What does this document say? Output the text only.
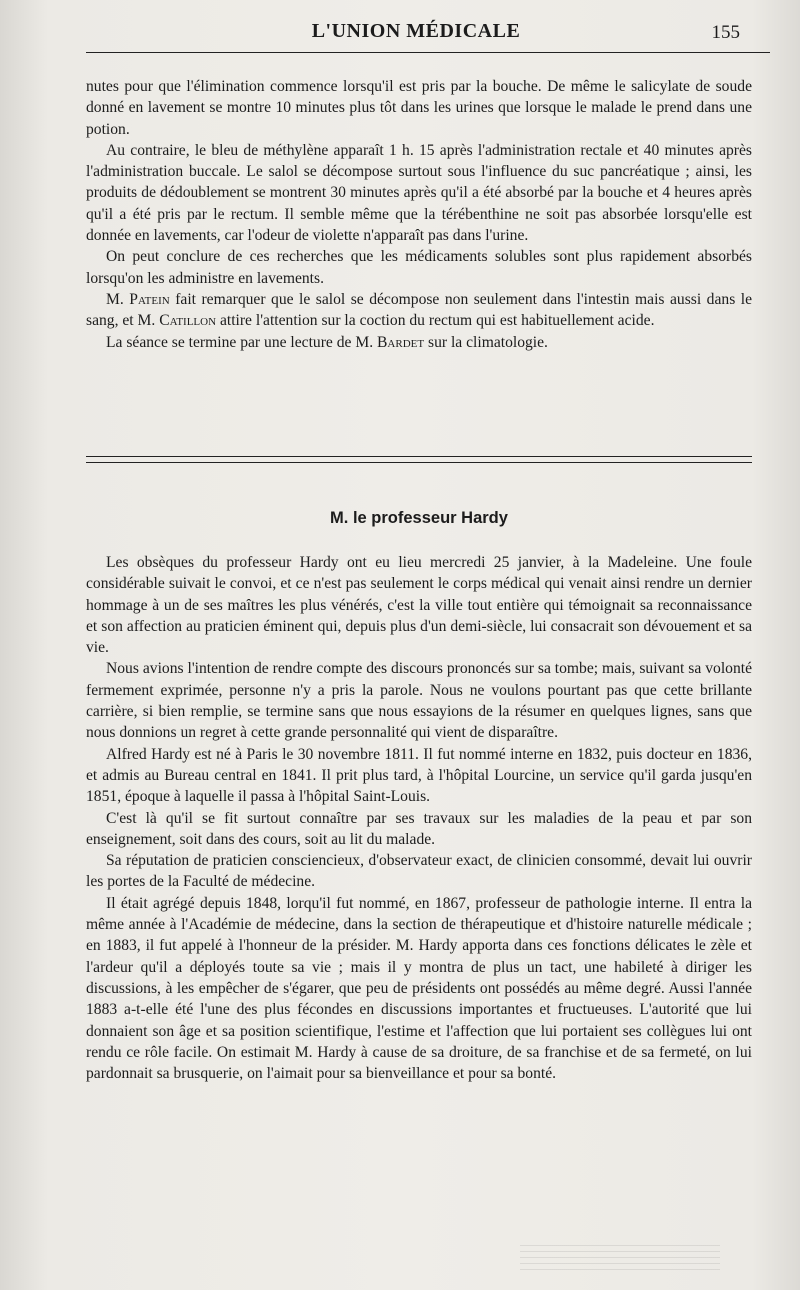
L'UNION MÉDICALE	155

nutes pour que l'élimination commence lorsqu'il est pris par la bouche. De même le salicylate de soude donné en lavement se montre 10 minutes plus tôt dans les urines que lorsque le malade le prend dans une potion.

Au contraire, le bleu de méthylène apparaît 1 h. 15 après l'administration rectale et 40 minutes après l'administration buccale. Le salol se décompose surtout sous l'influence du suc pancréatique ; ainsi, les produits de dédoublement se montrent 30 minutes après qu'il a été absorbé par la bouche et 4 heures après qu'il a été pris par le rectum. Il semble même que la térébenthine ne soit pas absorbée lorsqu'elle est donnée en lavements, car l'odeur de violette n'apparaît pas dans l'urine.

On peut conclure de ces recherches que les médicaments solubles sont plus rapidement absorbés lorsqu'on les administre en lavements.

M. Patein fait remarquer que le salol se décompose non seulement dans l'intestin mais aussi dans le sang, et M. Catillon attire l'attention sur la coction du rectum qui est habituellement acide.

La séance se termine par une lecture de M. Bardet sur la climatologie.

M. le professeur Hardy

Les obsèques du professeur Hardy ont eu lieu mercredi 25 janvier, à la Madeleine. Une foule considérable suivait le convoi, et ce n'est pas seulement le corps médical qui venait ainsi rendre un dernier hommage à un de ses maîtres les plus vénérés, c'est la ville tout entière qui témoignait sa reconnaissance et son affection au praticien éminent qui, depuis plus d'un demi-siècle, lui consacrait son dévouement et sa vie.

Nous avions l'intention de rendre compte des discours prononcés sur sa tombe; mais, suivant sa volonté fermement exprimée, personne n'y a pris la parole. Nous ne voulons pourtant pas que cette brillante carrière, si bien remplie, se termine sans que nous essayions de la résumer en quelques lignes, sans que nous donnions un regret à cette grande personnalité qui vient de disparaître.

Alfred Hardy est né à Paris le 30 novembre 1811. Il fut nommé interne en 1832, puis docteur en 1836, et admis au Bureau central en 1841. Il prit plus tard, à l'hôpital Lourcine, un service qu'il garda jusqu'en 1851, époque à laquelle il passa à l'hôpital Saint-Louis.

C'est là qu'il se fit surtout connaître par ses travaux sur les maladies de la peau et par son enseignement, soit dans des cours, soit au lit du malade.

Sa réputation de praticien consciencieux, d'observateur exact, de clinicien consommé, devait lui ouvrir les portes de la Faculté de médecine.

Il était agrégé depuis 1848, lorqu'il fut nommé, en 1867, professeur de pathologie interne. Il entra la même année à l'Académie de médecine, dans la section de thérapeutique et d'histoire naturelle médicale ; en 1883, il fut appelé à l'honneur de la présider. M. Hardy apporta dans ces fonctions délicates le zèle et l'ardeur qu'il a déployés toute sa vie ; mais il y montra de plus un tact, une habileté à diriger les discussions, à les empêcher de s'égarer, que peu de présidents ont possédés au même degré. Aussi l'année 1883 a-t-elle été l'une des plus fécondes en discussions importantes et fructueuses. L'autorité que lui donnaient son âge et sa position scientifique, l'estime et l'affection que lui portaient ses collègues lui ont rendu ce rôle facile. On estimait M. Hardy à cause de sa droiture, de sa franchise et de sa fermeté, on lui pardonnait sa brusquerie, on l'aimait pour sa bienveillance et pour sa bonté.
